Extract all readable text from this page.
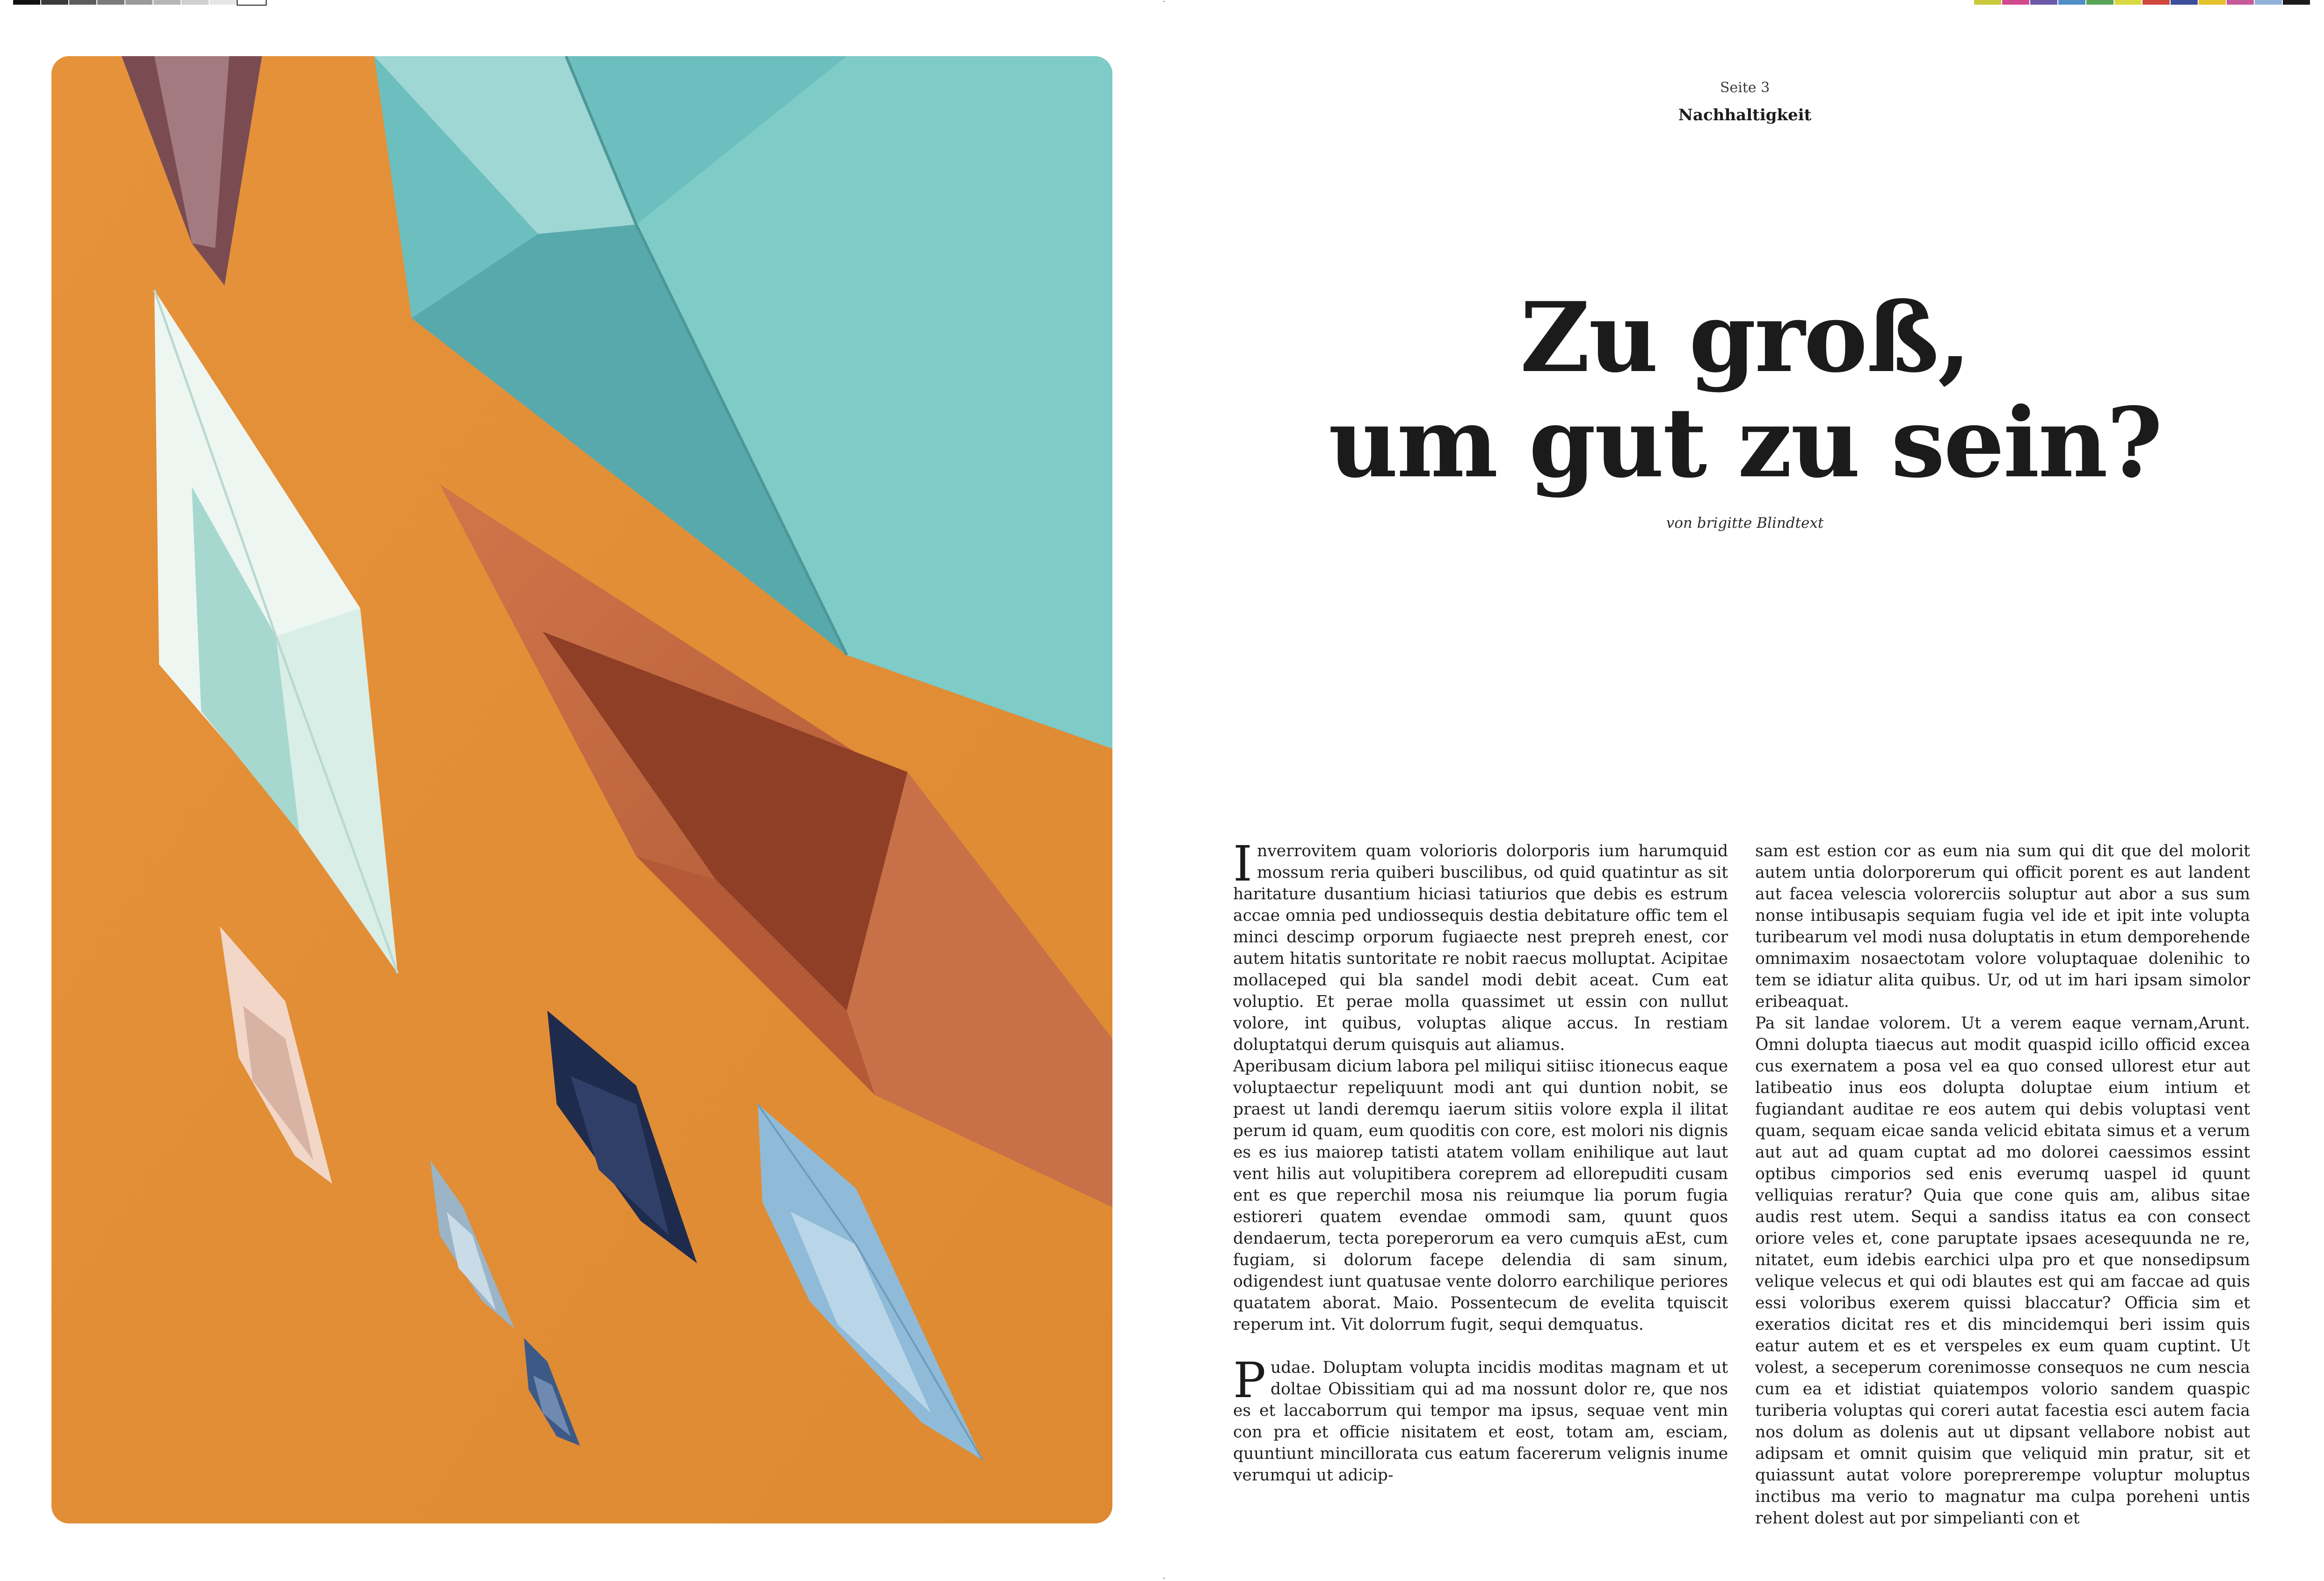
Seite 3
Nachhaltigkeit
Zu groß,
um gut zu sein?
von brigitte Blindtext

Inverrovitem quam volorioris dolorporis ium harumquid mossum reria quiberi buscilibus, od quid quatintur as sit haritature dusantium hiciasi tatiurios que debis es estrum accae omnia ped undiossequis destia debitature offic tem el minci descimp orporum fugiaecte nest prepreh enest, cor autem hitatis suntoritate re nobit raecus molluptat. Acipitae mollaceped qui bla sandel modi debit aceat. Cum eat voluptio. Et perae molla quassimet ut essin con nullut volore, int quibus, voluptas alique accus. In restiam doluptatqui derum quisquis aut aliamus.

Aperibusam dicium labora pel miliqui sitiisc itionecus eaque voluptaectur repeliquunt modi ant qui duntion nobit, se praest ut landi deremqu iaerum sitiis volore expla il ilitat perum id quam, eum quoditis con core, est molori nis dignis es es ius maiorep tatisti atatem vollam enihilique aut laut vent hilis aut volupitibera coreprem ad ellorepuditi cusam ent es que reperchil mosa nis reiumque lia porum fugia estioreri quatem evendae ommodi sam, quunt quos dendaerum, tecta poreperorum ea vero cumquis aEst, cum fugiam, si dolorum facepe delendia di sam sinum, odigendest iunt quatusae vente dolorro earchilique periores quatatem aborat. Maio. Possentecum de evelita tquiscit reperum int. Vit dolorrum fugit, sequi demquatus.

Pudae. Doluptam volupta incidis moditas magnam et ut doltae Obissitiam qui ad ma nossunt dolor re, que nos es et laccaborrum qui tempor ma ipsus, sequae vent min con pra et officie nisitatem et eost, totam am, esciam, quuntiunt mincillorata cus eatum facererum velignis inume verumqui ut adicip-

sam est estion cor as eum nia sum qui dit que del molorit autem untia dolorporerum qui officit porent es aut landent aut facea velescia volorerciis soluptur aut abor a sus sum nonse intibusapis sequiam fugia vel ide et ipit inte volupta turibearum vel modi nusa doluptatis in etum demporehende omnimaxim nosaectotam volore voluptaquae dolenihic to tem se idiatur alita quibus. Ur, od ut im hari ipsam simolor eribeaquat.

Pa sit landae volorem. Ut a verem eaque vernam,Arunt. Omni dolupta tiaecus aut modit quaspid icillo officid excea cus exernatem a posa vel ea quo consed ullorest etur aut latibeatio inus eos dolupta doluptae eium intium et fugiandant auditae re eos autem qui debis voluptasi vent quam, sequam eicae sanda velicid ebitata simus et a verum aut aut ad quam cuptat ad mo dolorei caessimos essint optibus cimporios sed enis everumq uaspel id quunt velliquias reratur? Quia que cone quis am, alibus sitae audis rest utem. Sequi a sandiss itatus ea con consect oriore veles et, cone paruptate ipsaes acesequunda ne re, nitatet, eum idebis earchici ulpa pro et que nonsedipsum velique velecus et qui odi blautes est qui am faccae ad quis essi voloribus exerem quissi blaccatur? Officia sim et exeratios dicitat res et dis mincidemqui beri issim quis eatur autem et es et verspeles ex eum quam cuptint. Ut volest, a seceperum corenimosse consequos ne cum nescia cum ea et idistiat quiatempos volorio sandem quaspic turiberia voluptas qui coreri autat facestia esci autem facia nos dolum as dolenis aut ut dipsant vellabore nobist aut adipsam et omnit quisim que veliquid min pratur, sit et quiassunt autat volore poreprerempe voluptur moluptus inctibus ma verio to magnatur ma culpa poreheni untis rehent dolest aut por simpelianti con et
